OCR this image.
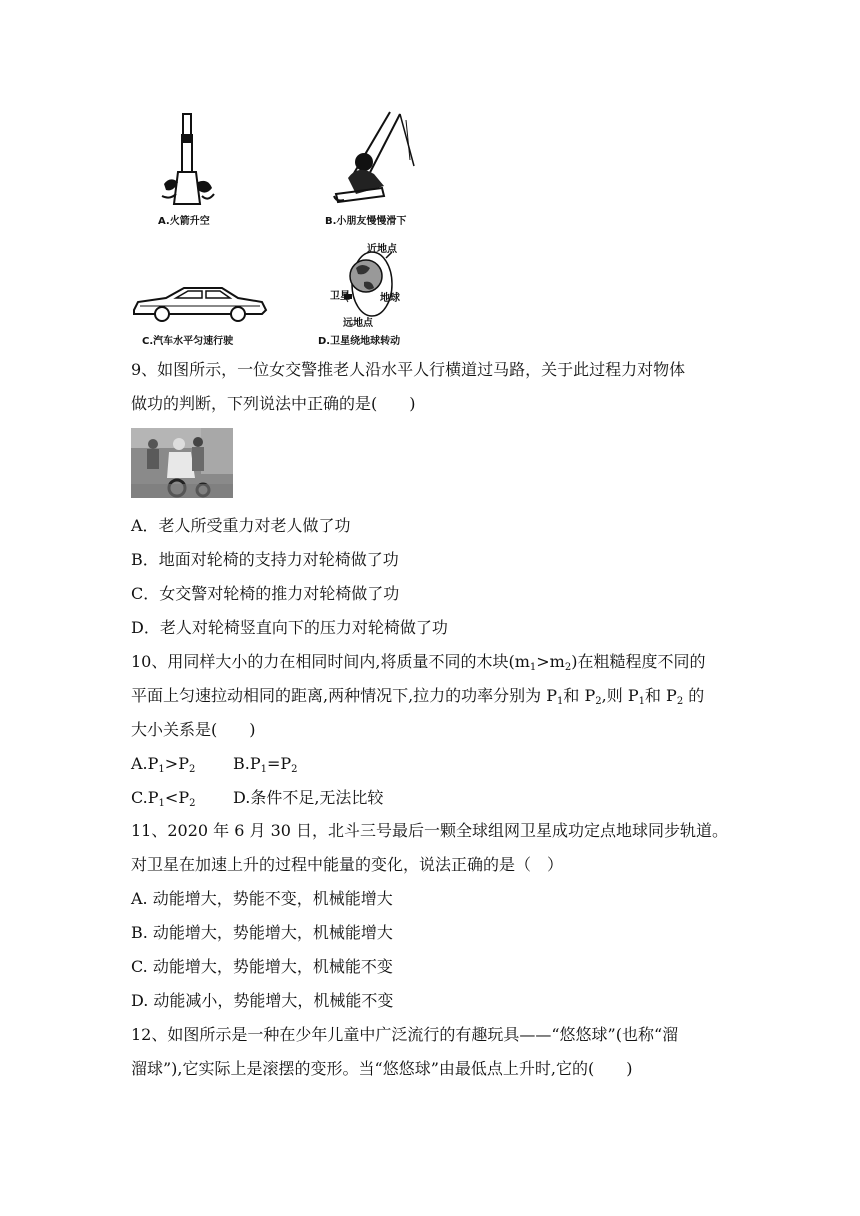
A.火箭升空	B.小朋友慢慢滑下
C.汽车水平匀速行驶
近地点
卫星	地球
远地点
D.卫星绕地球转动
9、如图所示，一位女交警推老人沿水平人行横道过马路，关于此过程力对物体
做功的判断，下列说法中正确的是(　　)
A．老人所受重力对老人做了功
B．地面对轮椅的支持力对轮椅做了功
C．女交警对轮椅的推力对轮椅做了功
D．老人对轮椅竖直向下的压力对轮椅做了功
10、用同样大小的力在相同时间内,将质量不同的木块$(m_1>m_2)$在粗糙程度不同的
平面上匀速拉动相同的距离,两种情况下,拉力的功率分别为 $P_1$和 $P_2$,则 $P_1$和 $P_2$ 的
大小关系是(　　)
$A.P_1>P_2$ $B.P_1=P_2$
$C.P_1<P_2$ D.条件不足,无法比较
11、2020 年 6 月 30 日，北斗三号最后一颗全球组网卫星成功定点地球同步轨道。
对卫星在加速上升的过程中能量的变化，说法正确的是（　）
A. 动能增大，势能不变，机械能增大
B. 动能增大，势能增大，机械能增大
C. 动能增大，势能增大，机械能不变
D. 动能减小，势能增大，机械能不变
12、如图所示是一种在少年儿童中广泛流行的有趣玩具——“悠悠球”(也称“溜
溜球”),它实际上是滚摆的变形。当“悠悠球”由最低点上升时,它的(　　)
